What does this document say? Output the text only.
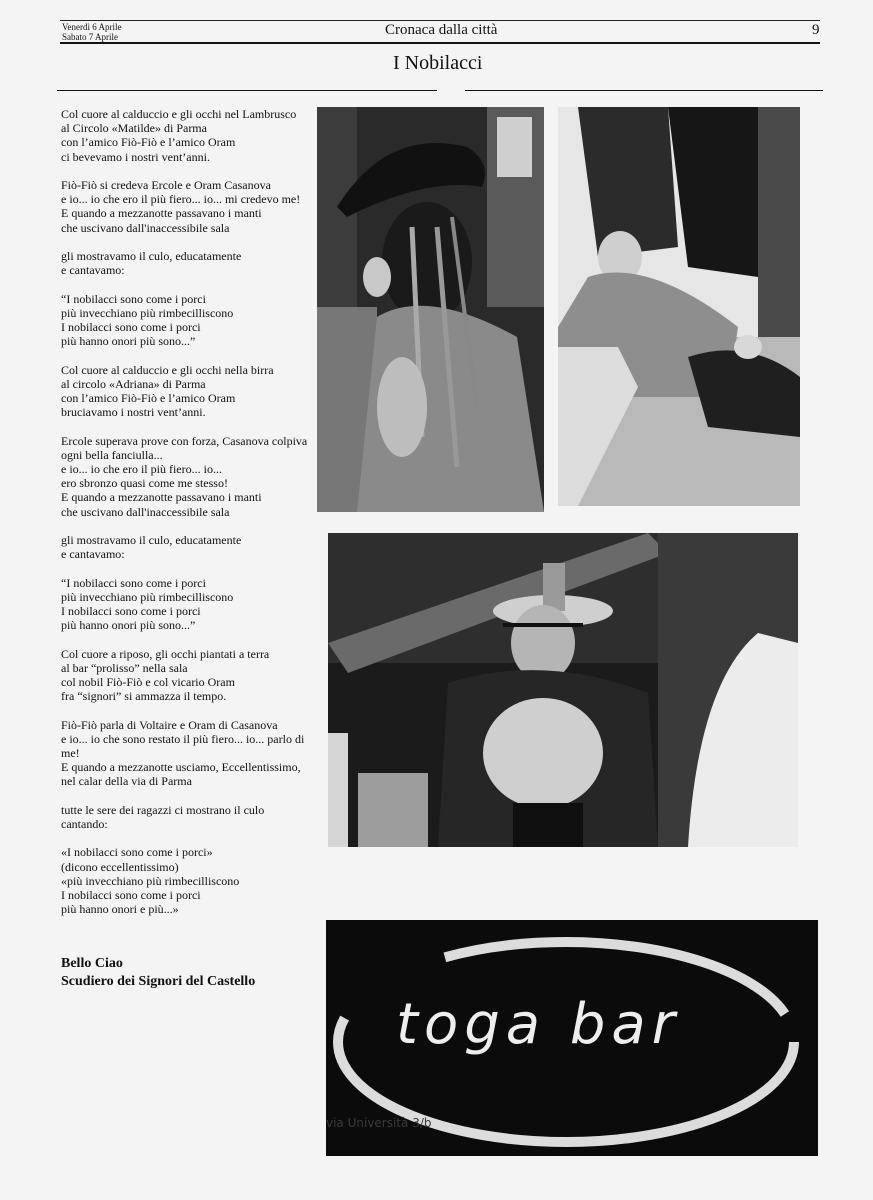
Venerdì 6 Aprile
Sabato 7 Aprile	Cronaca dalla città	9
I Nobilacci

Col cuore al calduccio e gli occhi nel Lambrusco
al Circolo «Matilde» di Parma
con l’amico Fiò-Fiò e l’amico Oram
ci bevevamo i nostri vent’anni.

Fiò-Fiò si credeva Ercole e Oram Casanova
e io... io che ero il più fiero... io... mi credevo me!
E quando a mezzanotte passavano i manti
che uscivano dall'inaccessibile sala

gli mostravamo il culo, educatamente
e cantavamo:

“I nobilacci sono come i porci
più invecchiano più rimbecilliscono
I nobilacci sono come i porci
più hanno onori più sono...”

Col cuore al calduccio e gli occhi nella birra
al circolo «Adriana» di Parma
con l’amico Fiò-Fiò e l’amico Oram
bruciavamo i nostri vent’anni.

Ercole superava prove con forza, Casanova colpiva
ogni bella fanciulla...
e io... io che ero il più fiero... io...
ero sbronzo quasi come me stesso!
E quando a mezzanotte passavano i manti
che uscivano dall'inaccessibile sala

gli mostravamo il culo, educatamente
e cantavamo:

“I nobilacci sono come i porci
più invecchiano più rimbecilliscono
I nobilacci sono come i porci
più hanno onori più sono...”

Col cuore a riposo, gli occhi piantati a terra
al bar “prolisso” nella sala
col nobil Fiò-Fiò e col vicario Oram
fra “signori” si ammazza il tempo.

Fiò-Fiò parla di Voltaire e Oram di Casanova
e io... io che sono restato il più fiero... io... parlo di
me!
E quando a mezzanotte usciamo, Eccellentissimo,
nel calar della via di Parma

tutte le sere dei ragazzi ci mostrano il culo
cantando:

«I nobilacci sono come i porci»
(dicono eccellentissimo)
«più invecchiano più rimbecilliscono
I nobilacci sono come i porci
più hanno onori e più...»

Bello Ciao
Scudiero dei Signori del Castello
toga bar
via Università 3/b
